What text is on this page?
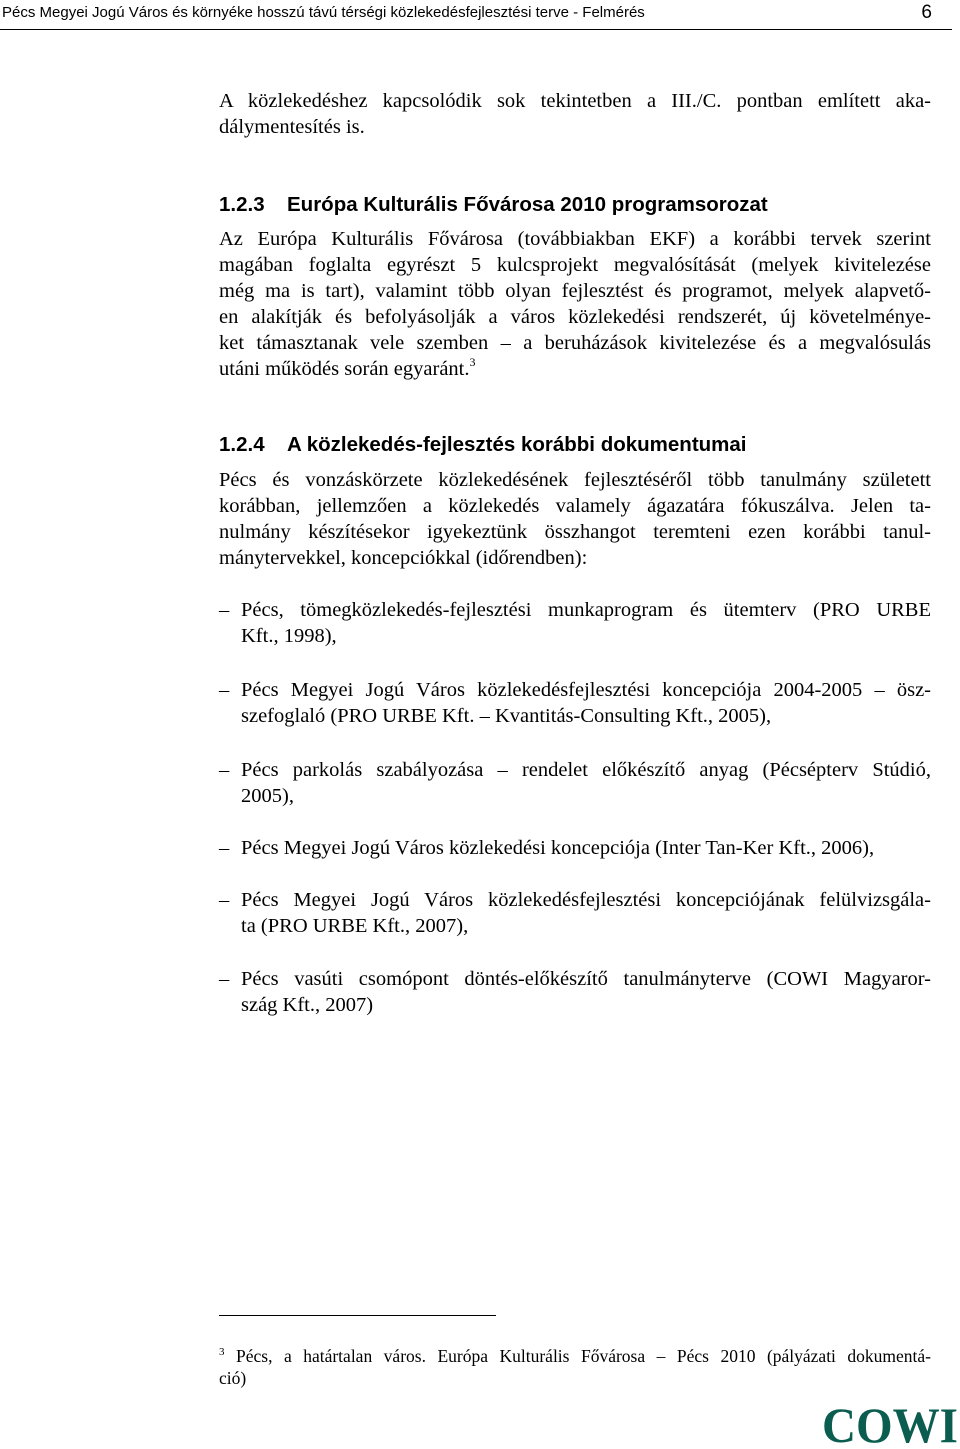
Pécs Megyei Jogú Város és környéke hosszú távú térségi közlekedésfejlesztési terve - Felmérés	6
A közlekedéshez kapcsolódik sok tekintetben a III./C. pontban említett aka-
dálymentesítés is.
1.2.3 Európa Kulturális Fővárosa 2010 programsorozat
Az Európa Kulturális Fővárosa (továbbiakban EKF) a korábbi tervek szerint
magában foglalta egyrészt 5 kulcsprojekt megvalósítását (melyek kivitelezése
még ma is tart), valamint több olyan fejlesztést és programot, melyek alapvető-
en alakítják és befolyásolják a város közlekedési rendszerét, új követelménye-
ket támasztanak vele szemben – a beruházások kivitelezése és a megvalósulás
utáni működés során egyaránt.$^3$
1.2.4 A közlekedés-fejlesztés korábbi dokumentumai
Pécs és vonzáskörzete közlekedésének fejlesztéséről több tanulmány született
korábban, jellemzően a közlekedés valamely ágazatára fókuszálva. Jelen ta-
nulmány készítésekor igyekeztünk összhangot teremteni ezen korábbi tanul-
mánytervekkel, koncepciókkal (időrendben):
– Pécs, tömegközlekedés-fejlesztési munkaprogram és ütemterv (PRO URBE
Kft., 1998),
– Pécs Megyei Jogú Város közlekedésfejlesztési koncepciója 2004-2005 – ösz-
szefoglaló (PRO URBE Kft. – Kvantitás-Consulting Kft., 2005),
– Pécs parkolás szabályozása – rendelet előkészítő anyag (Pécsépterv Stúdió,
2005),
– Pécs Megyei Jogú Város közlekedési koncepciója (Inter Tan-Ker Kft., 2006),
– Pécs Megyei Jogú Város közlekedésfejlesztési koncepciójának felülvizsgála-
ta (PRO URBE Kft., 2007),
– Pécs vasúti csomópont döntés-előkészítő tanulmányterve (COWI Magyaror-
szág Kft., 2007)
$^3$ Pécs, a határtalan város. Európa Kulturális Fővárosa – Pécs 2010 (pályázati dokumentá-
ció)
COWI
